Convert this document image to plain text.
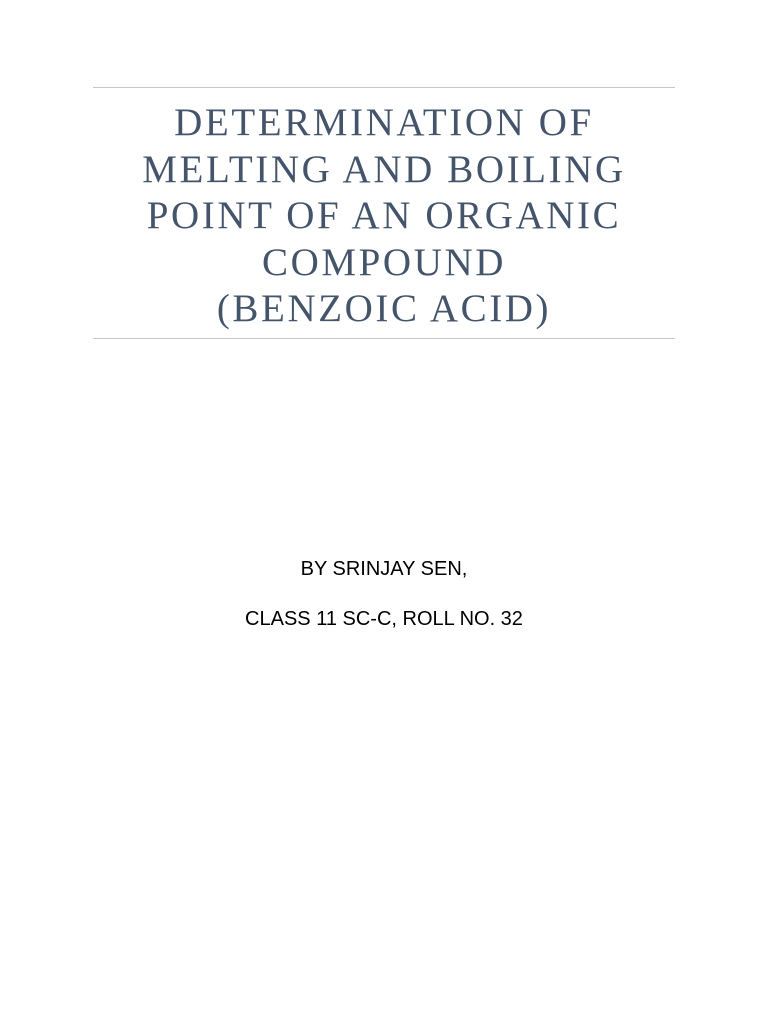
DETERMINATION OF
MELTING AND BOILING
POINT OF AN ORGANIC
COMPOUND
(BENZOIC ACID)
BY SRINJAY SEN,
CLASS 11 SC-C, ROLL NO. 32
